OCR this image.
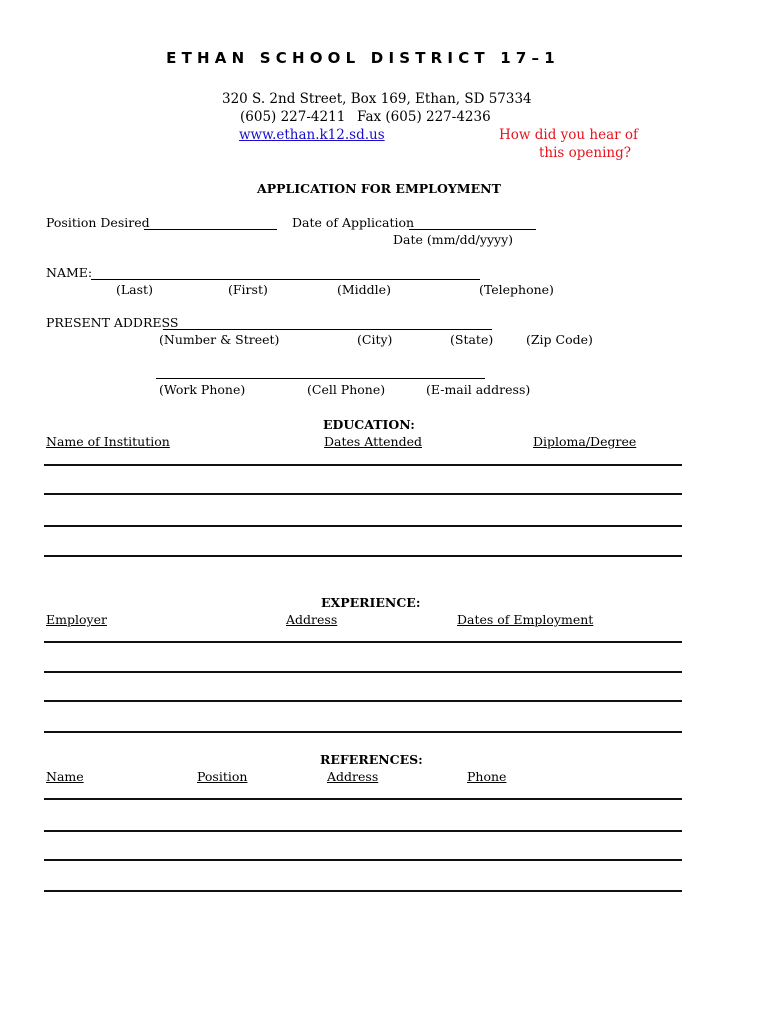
ETHAN SCHOOL DISTRICT 17–1
320 S. 2nd Street, Box 169, Ethan, SD 57334
(605) 227-4211 Fax (605) 227-4236
www.ethan.k12.sd.us	How did you hear of
this opening?
APPLICATION FOR EMPLOYMENT
Position Desired	Date of Application
Date (mm/dd/yyyy)
NAME:
(Last)	(First)	(Middle)	(Telephone)
PRESENT ADDRESS
(Number & Street)	(City)	(State)	(Zip Code)
(Work Phone)	(Cell Phone)	(E-mail address)
EDUCATION:
Name of Institution	Dates Attended	Diploma/Degree
EXPERIENCE:
Employer	Address	Dates of Employment
REFERENCES:
Name	Position	Address	Phone
